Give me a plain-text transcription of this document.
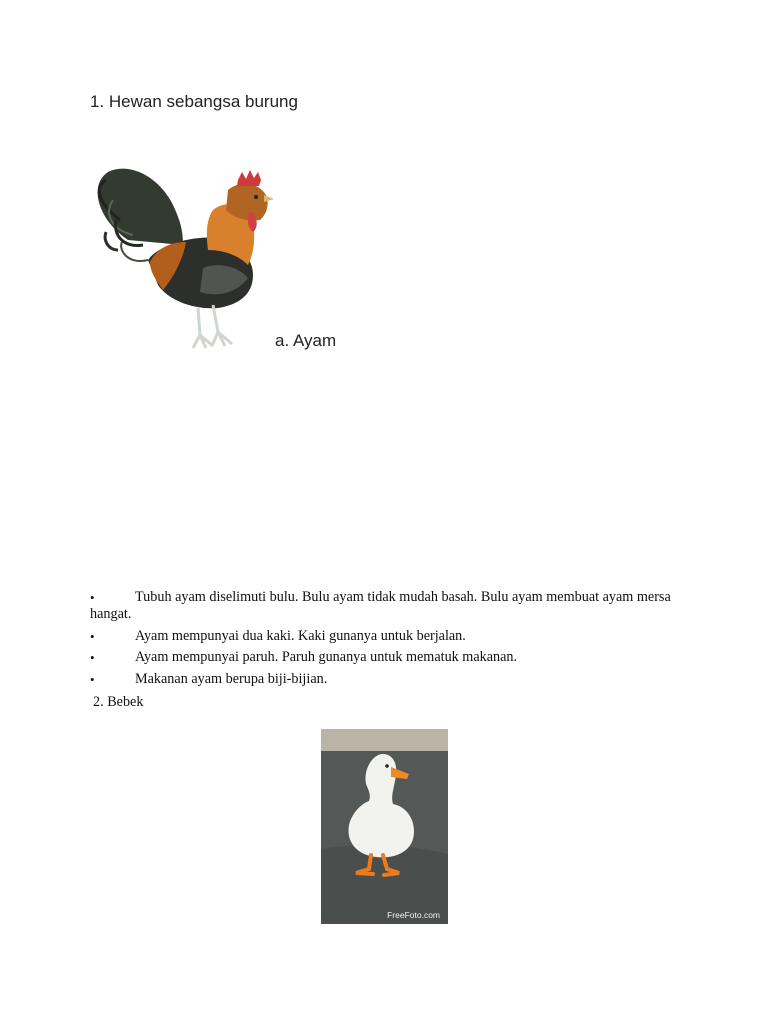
1. Hewan sebangsa burung
a. Ayam
•	Tubuh ayam diselimuti bulu. Bulu ayam tidak mudah basah. Bulu ayam membuat ayam mersa hangat.
•	Ayam mempunyai dua kaki. Kaki gunanya untuk berjalan.
•	Ayam mempunyai paruh. Paruh gunanya untuk mematuk makanan.
•	Makanan ayam berupa biji-bijian.
2. Bebek
FreeFoto.com
